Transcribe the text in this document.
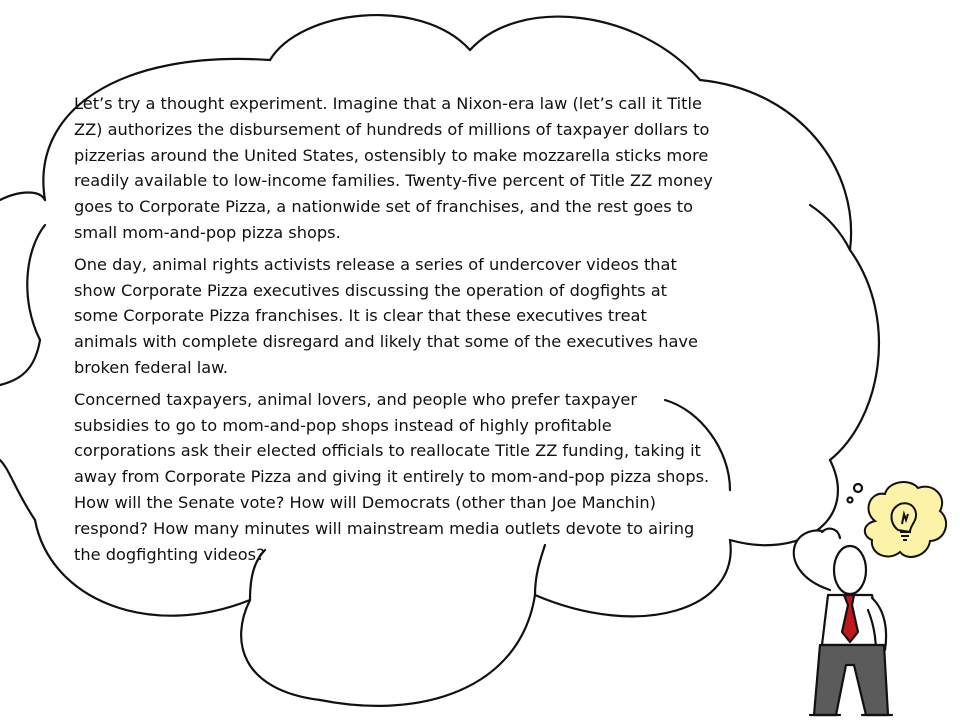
Let’s try a thought experiment. Imagine that a Nixon-era law (let’s call it Title ZZ) authorizes the disbursement of hundreds of millions of taxpayer dollars to pizzerias around the United States, ostensibly to make mozzarella sticks more readily available to low-income families. Twenty-five percent of Title ZZ money goes to Corporate Pizza, a nationwide set of franchises, and the rest goes to small mom-and-pop pizza shops.

One day, animal rights activists release a series of undercover videos that show Corporate Pizza executives discussing the operation of dogfights at some Corporate Pizza franchises. It is clear that these executives treat animals with complete disregard and likely that some of the executives have broken federal law.

Concerned taxpayers, animal lovers, and people who prefer taxpayer subsidies to go to mom-and-pop shops instead of highly profitable corporations ask their elected officials to reallocate Title ZZ funding, taking it away from Corporate Pizza and giving it entirely to mom-and-pop pizza shops. How will the Senate vote? How will Democrats (other than Joe Manchin) respond? How many minutes will mainstream media outlets devote to airing the dogfighting videos?
